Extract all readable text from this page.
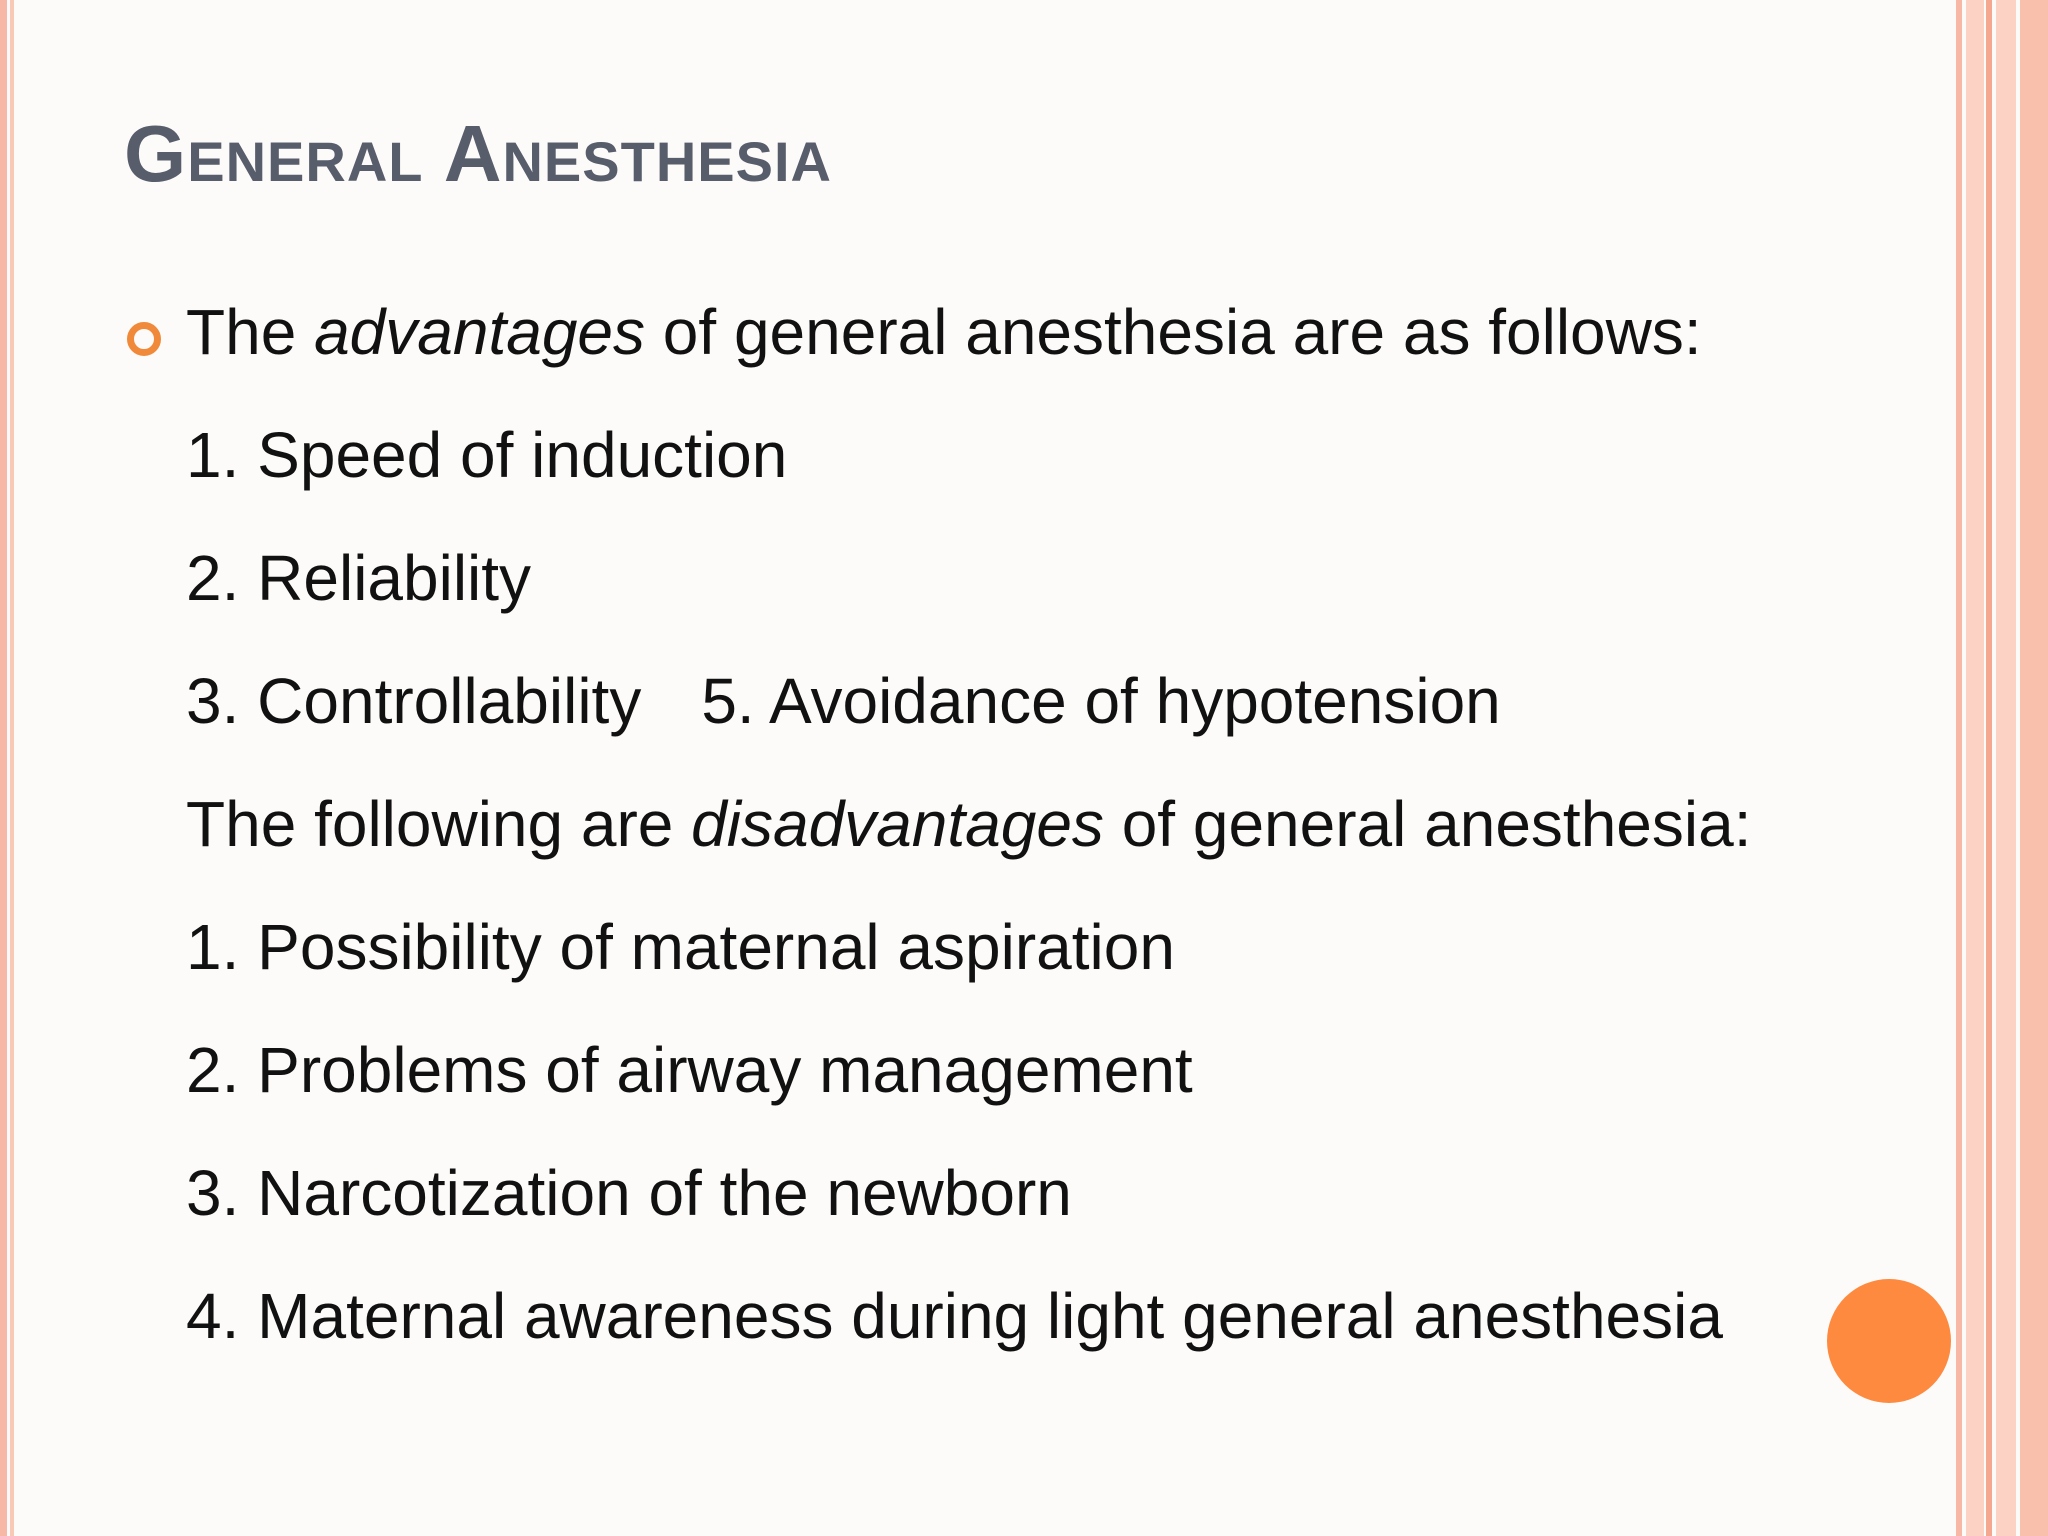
General Anesthesia
The advantages of general anesthesia are as follows:
1. Speed of induction
2. Reliability
3. Controllability 5. Avoidance of hypotension
The following are disadvantages of general anesthesia:
1. Possibility of maternal aspiration
2. Problems of airway management
3. Narcotization of the newborn
4. Maternal awareness during light general anesthesia
